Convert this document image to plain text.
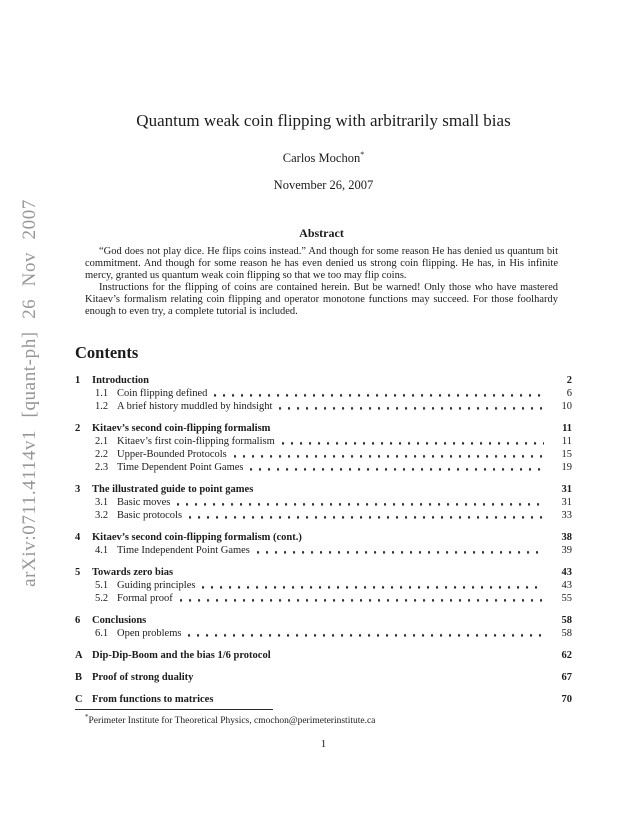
arXiv:0711.4114v1 [quant-ph] 26 Nov 2007
Quantum weak coin flipping with arbitrarily small bias
Carlos Mochon*
November 26, 2007
Abstract

“God does not play dice. He flips coins instead.” And though for some reason He has denied us quantum bit commitment. And though for some reason he has even denied us strong coin flipping. He has, in His infinite mercy, granted us quantum weak coin flipping so that we too may flip coins.

Instructions for the flipping of coins are contained herein. But be warned! Only those who have mastered Kitaev’s formalism relating coin flipping and operator monotone functions may succeed. For those foolhardy enough to even try, a complete tutorial is included.

Contents
1	Introduction	2
1.1 Coin flipping defined	6
1.2 A brief history muddled by hindsight	10
2	Kitaev’s second coin-flipping formalism	11
2.1 Kitaev’s first coin-flipping formalism	11
2.2 Upper-Bounded Protocols	15
2.3 Time Dependent Point Games	19
3	The illustrated guide to point games	31
3.1 Basic moves	31
3.2 Basic protocols	33
4	Kitaev’s second coin-flipping formalism (cont.)	38
4.1 Time Independent Point Games	39
5	Towards zero bias	43
5.1 Guiding principles	43
5.2 Formal proof	55
6	Conclusions	58
6.1 Open problems	58
A Dip-Dip-Boom and the bias 1/6 protocol	62
B Proof of strong duality	67
C From functions to matrices	70
*Perimeter Institute for Theoretical Physics, cmochon@perimeterinstitute.ca
1
